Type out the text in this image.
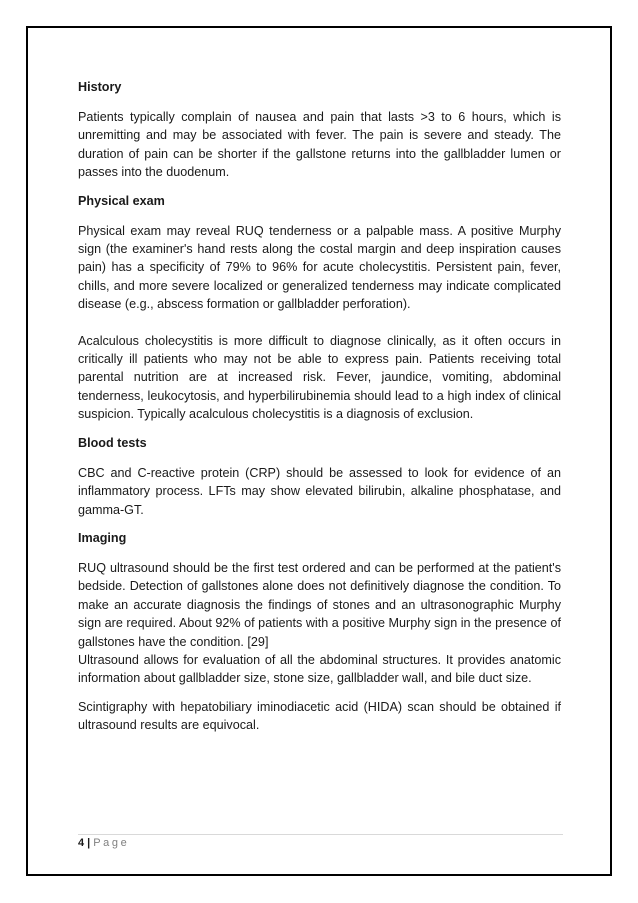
History

Patients typically complain of nausea and pain that lasts >3 to 6 hours, which is unremitting and may be associated with fever. The pain is severe and steady. The duration of pain can be shorter if the gallstone returns into the gallbladder lumen or passes into the duodenum.

Physical exam

Physical exam may reveal RUQ tenderness or a palpable mass. A positive Murphy sign (the examiner's hand rests along the costal margin and deep inspiration causes pain) has a specificity of 79% to 96% for acute cholecystitis. Persistent pain, fever, chills, and more severe localized or generalized tenderness may indicate complicated disease (e.g., abscess formation or gallbladder perforation).

Acalculous cholecystitis is more difficult to diagnose clinically, as it often occurs in critically ill patients who may not be able to express pain. Patients receiving total parental nutrition are at increased risk. Fever, jaundice, vomiting, abdominal tenderness, leukocytosis, and hyperbilirubinemia should lead to a high index of clinical suspicion. Typically acalculous cholecystitis is a diagnosis of exclusion.

Blood tests

CBC and C-reactive protein (CRP) should be assessed to look for evidence of an inflammatory process. LFTs may show elevated bilirubin, alkaline phosphatase, and gamma-GT.

Imaging

RUQ ultrasound should be the first test ordered and can be performed at the patient's bedside. Detection of gallstones alone does not definitively diagnose the condition. To make an accurate diagnosis the findings of stones and an ultrasonographic Murphy sign are required. About 92% of patients with a positive Murphy sign in the presence of gallstones have the condition. [29]

Ultrasound allows for evaluation of all the abdominal structures. It provides anatomic information about gallbladder size, stone size, gallbladder wall, and bile duct size.

Scintigraphy with hepatobiliary iminodiacetic acid (HIDA) scan should be obtained if ultrasound results are equivocal.

4 | Page
